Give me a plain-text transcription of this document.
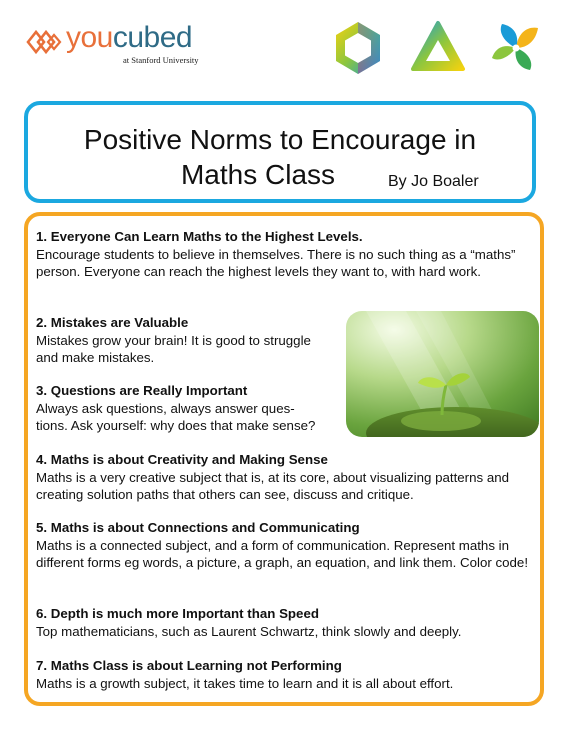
youcubed
at Stanford University
Positive Norms to Encourage in
Maths Class	By Jo Boaler
1. Everyone Can Learn Maths to the Highest Levels.

Encourage students to believe in themselves. There is no such thing as a “maths” person. Everyone can reach the highest levels they want to, with hard work.

2. Mistakes are Valuable

Mistakes grow your brain! It is good to struggle
and make mistakes.

3. Questions are Really Important

Always ask questions, always answer ques-
tions. Ask yourself: why does that make sense?

4. Maths is about Creativity and Making Sense

Maths is a very creative subject that is, at its core, about visualizing patterns and creating solution paths that others can see, discuss and critique.

5. Maths is about Connections and Communicating

Maths is a connected subject, and a form of communication. Represent maths in different forms eg words, a picture, a graph, an equation, and link them. Color code!

6. Depth is much more Important than Speed

Top mathematicians, such as Laurent Schwartz, think slowly and deeply.

7. Maths Class is about Learning not Performing

Maths is a growth subject, it takes time to learn and it is all about effort.
